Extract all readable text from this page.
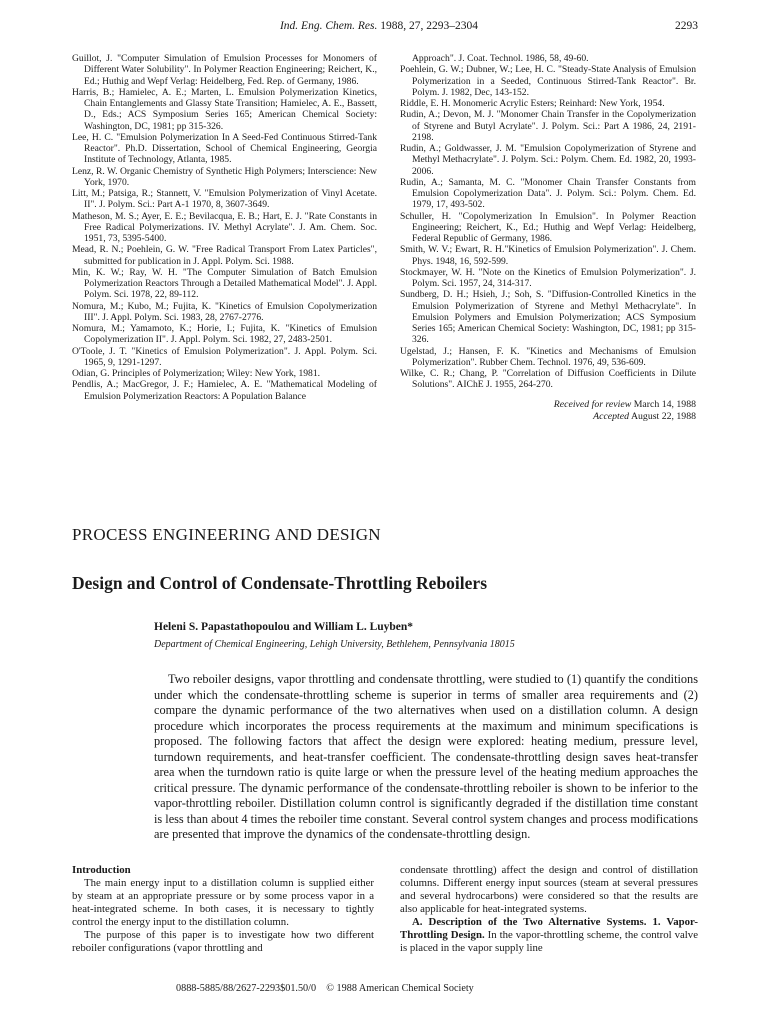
Ind. Eng. Chem. Res. 1988, 27, 2293–2304	2293
Guillot, J. "Computer Simulation of Emulsion Processes for Monomers of Different Water Solubility". In Polymer Reaction Engineering; Reichert, K., Ed.; Huthig and Wepf Verlag: Heidelberg, Fed. Rep. of Germany, 1986.
Harris, B.; Hamielec, A. E.; Marten, L. Emulsion Polymerization Kinetics, Chain Entanglements and Glassy State Transition; Hamielec, A. E., Bassett, D., Eds.; ACS Symposium Series 165; American Chemical Society: Washington, DC, 1981; pp 315-326.
Lee, H. C. "Emulsion Polymerization In A Seed-Fed Continuous Stirred-Tank Reactor". Ph.D. Dissertation, School of Chemical Engineering, Georgia Institute of Technology, Atlanta, 1985.
Lenz, R. W. Organic Chemistry of Synthetic High Polymers; Interscience: New York, 1970.
Litt, M.; Patsiga, R.; Stannett, V. "Emulsion Polymerization of Vinyl Acetate. II". J. Polym. Sci.: Part A-1 1970, 8, 3607-3649.
Matheson, M. S.; Ayer, E. E.; Bevilacqua, E. B.; Hart, E. J. "Rate Constants in Free Radical Polymerizations. IV. Methyl Acrylate". J. Am. Chem. Soc. 1951, 73, 5395-5400.
Mead, R. N.; Poehlein, G. W. "Free Radical Transport From Latex Particles", submitted for publication in J. Appl. Polym. Sci. 1988.
Min, K. W.; Ray, W. H. "The Computer Simulation of Batch Emulsion Polymerization Reactors Through a Detailed Mathematical Model". J. Appl. Polym. Sci. 1978, 22, 89-112.
Nomura, M.; Kubo, M.; Fujita, K. "Kinetics of Emulsion Copolymerization III". J. Appl. Polym. Sci. 1983, 28, 2767-2776.
Nomura, M.; Yamamoto, K.; Horie, I.; Fujita, K. "Kinetics of Emulsion Copolymerization II". J. Appl. Polym. Sci. 1982, 27, 2483-2501.
O'Toole, J. T. "Kinetics of Emulsion Polymerization". J. Appl. Polym. Sci. 1965, 9, 1291-1297.
Odian, G. Principles of Polymerization; Wiley: New York, 1981.
Pendlis, A.; MacGregor, J. F.; Hamielec, A. E. "Mathematical Modeling of Emulsion Polymerization Reactors: A Population Balance
Approach". J. Coat. Technol. 1986, 58, 49-60.
Poehlein, G. W.; Dubner, W.; Lee, H. C. "Steady-State Analysis of Emulsion Polymerization in a Seeded, Continuous Stirred-Tank Reactor". Br. Polym. J. 1982, Dec, 143-152.
Riddle, E. H. Monomeric Acrylic Esters; Reinhard: New York, 1954.
Rudin, A.; Devon, M. J. "Monomer Chain Transfer in the Copolymerization of Styrene and Butyl Acrylate". J. Polym. Sci.: Part A 1986, 24, 2191-2198.
Rudin, A.; Goldwasser, J. M. "Emulsion Copolymerization of Styrene and Methyl Methacrylate". J. Polym. Sci.: Polym. Chem. Ed. 1982, 20, 1993-2006.
Rudin, A.; Samanta, M. C. "Monomer Chain Transfer Constants from Emulsion Copolymerization Data". J. Polym. Sci.: Polym. Chem. Ed. 1979, 17, 493-502.
Schuller, H. "Copolymerization In Emulsion". In Polymer Reaction Engineering; Reichert, K., Ed.; Huthig and Wepf Verlag: Heidelberg, Federal Republic of Germany, 1986.
Smith, W. V.; Ewart, R. H."Kinetics of Emulsion Polymerization". J. Chem. Phys. 1948, 16, 592-599.
Stockmayer, W. H. "Note on the Kinetics of Emulsion Polymerization". J. Polym. Sci. 1957, 24, 314-317.
Sundberg, D. H.; Hsieh, J.; Soh, S. "Diffusion-Controlled Kinetics in the Emulsion Polymerization of Styrene and Methyl Methacrylate". In Emulsion Polymers and Emulsion Polymerization; ACS Symposium Series 165; American Chemical Society: Washington, DC, 1981; pp 315-326.
Ugelstad, J.; Hansen, F. K. "Kinetics and Mechanisms of Emulsion Polymerization". Rubber Chem. Technol. 1976, 49, 536-609.
Wilke, C. R.; Chang, P. "Correlation of Diffusion Coefficients in Dilute Solutions". AIChE J. 1955, 264-270.
Received for review March 14, 1988
Accepted August 22, 1988
PROCESS ENGINEERING AND DESIGN
Design and Control of Condensate-Throttling Reboilers
Heleni S. Papastathopoulou and William L. Luyben*
Department of Chemical Engineering, Lehigh University, Bethlehem, Pennsylvania 18015
Two reboiler designs, vapor throttling and condensate throttling, were studied to (1) quantify the conditions under which the condensate-throttling scheme is superior in terms of smaller area requirements and (2) compare the dynamic performance of the two alternatives when used on a distillation column. A design procedure which incorporates the process requirements at the maximum and minimum specifications is proposed. The following factors that affect the design were explored: heating medium, pressure level, turndown requirements, and heat-transfer coefficient. The condensate-throttling design saves heat-transfer area when the turndown ratio is quite large or when the pressure level of the heating medium approaches the critical pressure. The dynamic performance of the condensate-throttling reboiler is shown to be inferior to the vapor-throttling reboiler. Distillation column control is significantly degraded if the distillation time constant is less than about 4 times the reboiler time constant. Several control system changes and process modifications are presented that improve the dynamics of the condensate-throttling design.
Introduction

The main energy input to a distillation column is supplied either by steam at an appropriate pressure or by some process vapor in a heat-integrated scheme. In both cases, it is necessary to tightly control the energy input to the distillation column.

The purpose of this paper is to investigate how two different reboiler configurations (vapor throttling and

condensate throttling) affect the design and control of distillation columns. Different energy input sources (steam at several pressures and several hydrocarbons) were considered so that the results are also applicable for heat-integrated systems.

A. Description of the Two Alternative Systems. 1. Vapor-Throttling Design. In the vapor-throttling scheme, the control valve is placed in the vapor supply line

0888-5885/88/2627-2293$01.50/0 © 1988 American Chemical Society
